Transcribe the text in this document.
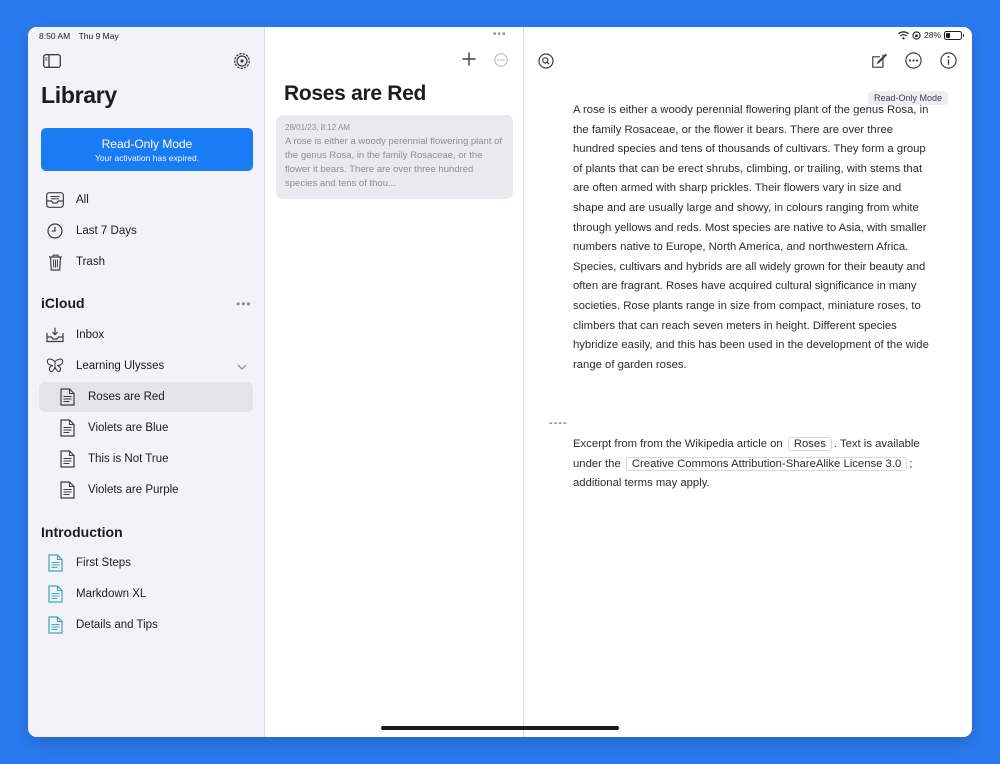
8:50 AM Thu 9 May	28%
Library
Read-Only Mode
Your activation has expired.
All
Last 7 Days
Trash
iCloud	•••
Inbox
Learning Ulysses
Roses are Red
Violets are Blue
This is Not True
Violets are Purple
Introduction
First Steps
Markdown XL
Details and Tips
•••
Roses are Red
28/01/23, 8:12 AM
A rose is either a woody perennial flowering plant of the genus Rosa, in the family Rosaceae, or the flower it bears. There are over three hundred species and tens of thou...
Read-Only Mode
A rose is either a woody perennial flowering plant of the genus Rosa, in the family Rosaceae, or the flower it bears. There are over three hundred species and tens of thousands of cultivars. They form a group of plants that can be erect shrubs, climbing, or trailing, with stems that are often armed with sharp prickles. Their flowers vary in size and shape and are usually large and showy, in colours ranging from white through yellows and reds. Most species are native to Asia, with smaller numbers native to Europe, North America, and northwestern Africa. Species, cultivars and hybrids are all widely grown for their beauty and often are fragrant. Roses have acquired cultural significance in many societies. Rose plants range in size from compact, miniature roses, to climbers that can reach seven meters in height. Different species hybridize easily, and this has been used in the development of the wide range of garden roses.
----
Excerpt from from the Wikipedia article on Roses . Text is available under the Creative Commons Attribution-ShareAlike License 3.0 ; additional terms may apply.
